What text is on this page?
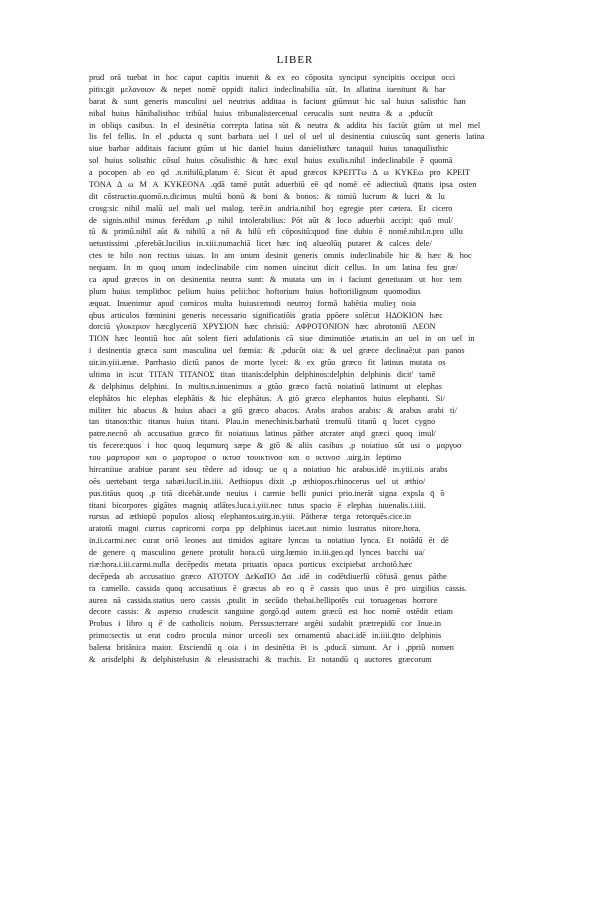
LIBER
prud orā tuebat in hoc caput capitis inuenit & ex eo cōposita synciput syncipitis occiput occi
pitis:git μελανοιον & nepet nomē oppidi italici indeclinabilia sūt. In allatina iuenitunt & bar
barat & sunt generis masculini uel neutrius additaa is faciunt gtūmsut hic sal huius salisthic han
nibal huius hānibalisthoc tribūal huius tribunalistercetual cerucalis sunt neutra & a ,pducūt
in obliqs casibus. In el desinētia correpta latina sūt & neutra & addita his faciūt gtūm ut mel mel
lis fel fellis. In el ,pducta q sunt barbara uel l uel ol uel ul desinentia cuiuscūq sunt generis latina
siue barbar additais faciunt gtūm ut hic daniel huius danielisthæc tanaquil huius tanaquilisthic
sol huius solisthic cōsul huius cōsulisthic & hæc exul huius exulis.nihil indeclinabile ē quomā
a pocopen ab eo qd .n.nihilū,platum ē. Sicut ēt apud græcos ΚΡΕΙΤΤω Δ ω ΚΥΚΕω pro ΚΡΕΙΤ
ΤΟΝΑ Δ ω Μ Α ΚΥΚΕΟΝΑ .qdā tamē putāt aduerbiū eē qd nomē eē adiectiuū q̄ttatis ipsa osten
dit cōstructio.quomō.n.dicimus multū bonū & boni & bonos: & nimiū lucrum & lucri & lu
crosg:sic nihil malū uel mali uel malog. terē.in andria.nihil hoȝ egregie pter cætera. Et cicero
de signis.nihil minus ferēdum ,p nihil intolerabilius: Pōt aūt & loco aduerbii accipi: quō mul/
tū & primū.nihil aūt & nihilū a nō & hilū eft cōpositū:quod fine dubio ē nomē.nihil.n.pro ullu
uetustissimi ,pferebāt.lucilius in.xiii.numachiā licet hæc inq̄ alueolūq putaret & calces dele/
ctes te hilo non rectius uiuas. In am unum desinit generis omnis indeclinabile hic & hæc & hoc
nequam. In m quoq unum indeclinabile cim nomen uincitut dicit cellus. In um latina feu græ/
ca apud græcos in on desinentia neutra sunt: & mutata um in i faciunt genetiuum ut hoc tem
plum huius templithoc pelium huius pelii:hoc hoftorium huius hoftoriilignum quomodius
æquat. Inuenimur apud comicos multa huiuscemodi neutroȝ formā habētia mulieȝ noia
qbus articulos fœminini generis necessario significatiōis gratia ppōere solēt:ut ΗΔΟΚΙΟΝ hæc
dorciū γλυκεριον hæcglyceriū ΧΡΥΣΙΟΝ hæc chrisiū: ΑΦΡΟΤΟΝΙΟΝ hæc abrotoniū ΛΕΟΝ
ΤΙΟΝ hæc leontiū hoc aūt solent fieri adulationis cā siue diminutiōe ætatis.in an uel in on uel in
i desinentia græca sunt masculina uel fœmia: & ,pducūt oia: & uel græce declinaē:ut pan panos
uir.in.yiii.ænæ. Parrhasio dictū panos de morte lycei: & ex gtūo græco fit latinus mutata os
ultima in is:ut ΤΙΤΑΝ ΤΙΤΑΝΟΣ titan titanis:delphin delphinos:delphin delphinis dicit' tamē
& delphinus delphini. In multis.n.inuenimus a gtūo græco factū noiatiuū latinumt ut elephas
elephātos hic elephas elephātis & hic elephātus. A gtō græco elephantos huius elephanti. Si/
militer hic abacus & huius abaci a gtō græco abacos. Arabs arabos arabis: & arabus arabi ti/
tan titanos:thic titanus huius titani. Plau.in menechinis.barbatū tremulū titanū q lucet cygno
patre.necnō ab accusatiuo græco fit noiatiuus latinus pāther atcrater atqd græci quoq imul/
tis fecere:quos i hoc quoq lequmurq sæpe & gtō & aliis casibus ,p noiatiuo sūt usi ο μαργυσ
του μαρτυροσ και ο μαρτυροσ ο ικτυσ τουικτινοσ και ο ικτινοσ .uirg.in leptimo
hircaniiue arabiue parant seu tēdere ad idosq: ue q a noiatiuo hic arabus.idē in.yiii.ois arabs
oēs uertebant terga sabæi.lucil.in.iiii. Aethiopus dixit ,p æthiopos.rhinocerus uel ut æthio/
pus.titāus quoq ,p titā dicebāt.unde neuius i carmie belli punici prio.inerāt signa expsla q̄ ō
titani bicorpores gigātes magniq atlātes.luca.i.yiii.nec tutus spacio ē elephas iuuenalis.i.iiii.
rursus ad æthiopū populos aliosq elephantos.uirg.in.yiii. Pātheræ terga retorquēs.cice.in
aratotū magni currus capricorni corpa pp delphinus iacet.aut nimio lustratus nitore.hora.
in.ii.carmi.nec curat oriō leones aut timidos agitare lyncas ta noiatiuo lynca. Et notādū ēt dē
de genere q masculino genere protulit hora.cū uirg.lœmio in.iii.geo.qd lynces bacchi ua/
riæ:hora.i.iii.carmi.nulla decēpedis metata priuatis opaca porticus excipiebat archotō.hæc
decēpeda ab accusatiuo græco ΑΤΟΤΟΥ ΔεΚαΠΟ Δα .idē in codētdiuerlū cōfusā genus pāthe
ra camello. cassida quoq accusatiuus ē græcus ab eo q ē cassis quo usus ē pro uirgilius cassis.
aurea nā cassida.statius uero cassis ,ptulit in secūdo thebai.bellipotēs cui toruagenas horrore
decore cassis: & asperso crudescit sanguine gorgō.qd autem græcū est hoc nomē ostēdit etiam
Probus i libro q ē de catholicis noium. Perssus:terrare argēti sudabit prætrepidū cor Inue.in
primo:sectis ut erat codro procula minor urceoli sex ornamentū abaci.idē in.iiii.q̄tto delphinis
balena britānica maior. Etsciendū q oia i in desinētia ēt is ,pducā simunt. Ar i ,ppriū nomen
& arisdelphi & delphistelusin & eleusistrachi & trachis. Et notandū q auctores græcorum
